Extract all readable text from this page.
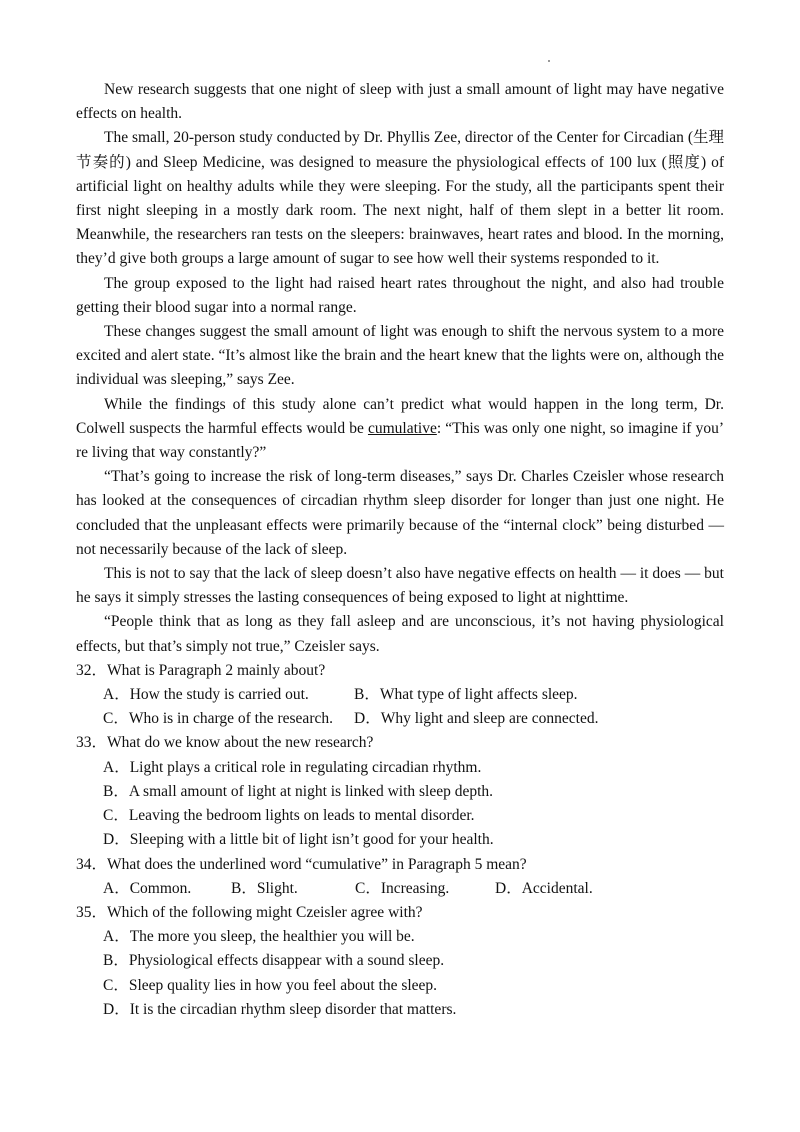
New research suggests that one night of sleep with just a small amount of light may have negative effects on health.

The small, 20-person study conducted by Dr. Phyllis Zee, director of the Center for Circadian (生理节奏的) and Sleep Medicine, was designed to measure the physiological effects of 100 lux (照度) of artificial light on healthy adults while they were sleeping. For the study, all the participants spent their first night sleeping in a mostly dark room. The next night, half of them slept in a better lit room. Meanwhile, the researchers ran tests on the sleepers: brainwaves, heart rates and blood. In the morning, they’d give both groups a large amount of sugar to see how well their systems responded to it.

The group exposed to the light had raised heart rates throughout the night, and also had trouble getting their blood sugar into a normal range.

These changes suggest the small amount of light was enough to shift the nervous system to a more excited and alert state. “It’s almost like the brain and the heart knew that the lights were on, although the individual was sleeping,” says Zee.

While the findings of this study alone can’t predict what would happen in the long term, Dr. Colwell suspects the harmful effects would be cumulative: “This was only one night, so imagine if you’ re living that way constantly?”

“That’s going to increase the risk of long-term diseases,” says Dr. Charles Czeisler whose research has looked at the consequences of circadian rhythm sleep disorder for longer than just one night. He concluded that the unpleasant effects were primarily because of the “internal clock” being disturbed — not necessarily because of the lack of sleep.

This is not to say that the lack of sleep doesn’t also have negative effects on health — it does — but he says it simply stresses the lasting consequences of being exposed to light at nighttime.

“People think that as long as they fall asleep and are unconscious, it’s not having physiological effects, but that’s simply not true,” Czeisler says.

32．What is Paragraph 2 mainly about?

A．How the study is carried out.	B．What type of light affects sleep.
C．Who is in charge of the research.	D．Why light and sleep are connected.

33．What do we know about the new research?

A．Light plays a critical role in regulating circadian rhythm.
B．A small amount of light at night is linked with sleep depth.
C．Leaving the bedroom lights on leads to mental disorder.
D．Sleeping with a little bit of light isn’t good for your health.

34．What does the underlined word “cumulative” in Paragraph 5 mean?

A．Common.	B．Slight.	C．Increasing.	D．Accidental.

35．Which of the following might Czeisler agree with?

A．The more you sleep, the healthier you will be.
B．Physiological effects disappear with a sound sleep.
C．Sleep quality lies in how you feel about the sleep.
D．It is the circadian rhythm sleep disorder that matters.
